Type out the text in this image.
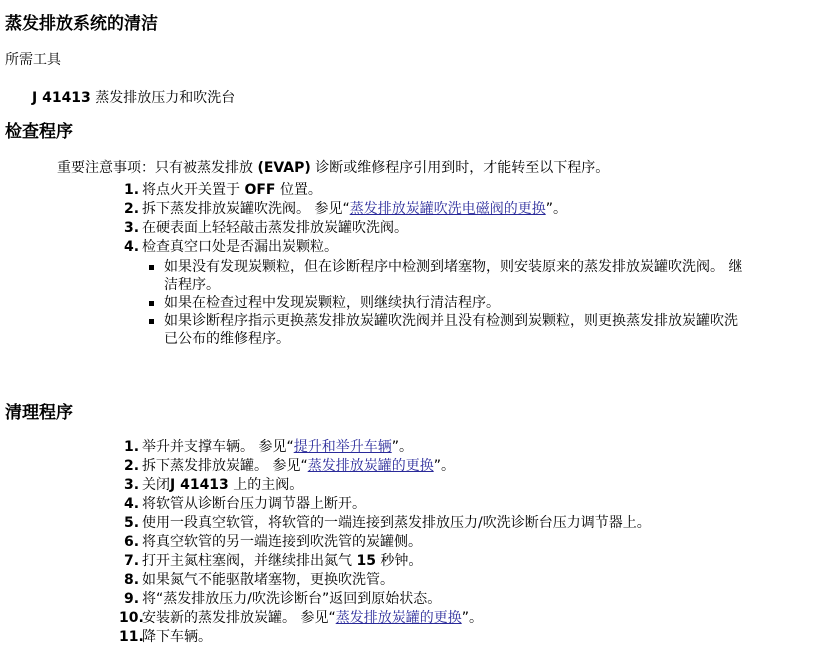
蒸发排放系统的清洁
所需工具
J 41413 蒸发排放压力和吹洗台
检查程序
重要注意事项：只有被蒸发排放 (EVAP) 诊断或维修程序引用到时，才能转至以下程序。
1. 将点火开关置于 OFF 位置。
2. 拆下蒸发排放炭罐吹洗阀。 参见“蒸发排放炭罐吹洗电磁阀的更换”。
3. 在硬表面上轻轻敲击蒸发排放炭罐吹洗阀。
4. 检查真空口处是否漏出炭颗粒。
如果没有发现炭颗粒，但在诊断程序中检测到堵塞物，则安装原来的蒸发排放炭罐吹洗阀。 继
洁程序。
如果在检查过程中发现炭颗粒，则继续执行清洁程序。
如果诊断程序指示更换蒸发排放炭罐吹洗阀并且没有检测到炭颗粒，则更换蒸发排放炭罐吹洗
已公布的维修程序。
清理程序
1. 举升并支撑车辆。 参见“提升和举升车辆”。
2. 拆下蒸发排放炭罐。 参见“蒸发排放炭罐的更换”。
3. 关闭J 41413 上的主阀。
4. 将软管从诊断台压力调节器上断开。
5. 使用一段真空软管，将软管的一端连接到蒸发排放压力/吹洗诊断台压力调节器上。
6. 将真空软管的另一端连接到吹洗管的炭罐侧。
7. 打开主氮柱塞阀，并继续排出氮气 15 秒钟。
8. 如果氮气不能驱散堵塞物，更换吹洗管。
9. 将“蒸发排放压力/吹洗诊断台”返回到原始状态。
10.
安装新的蒸发排放炭罐。 参见“蒸发排放炭罐的更换”。
11.
降下车辆。
